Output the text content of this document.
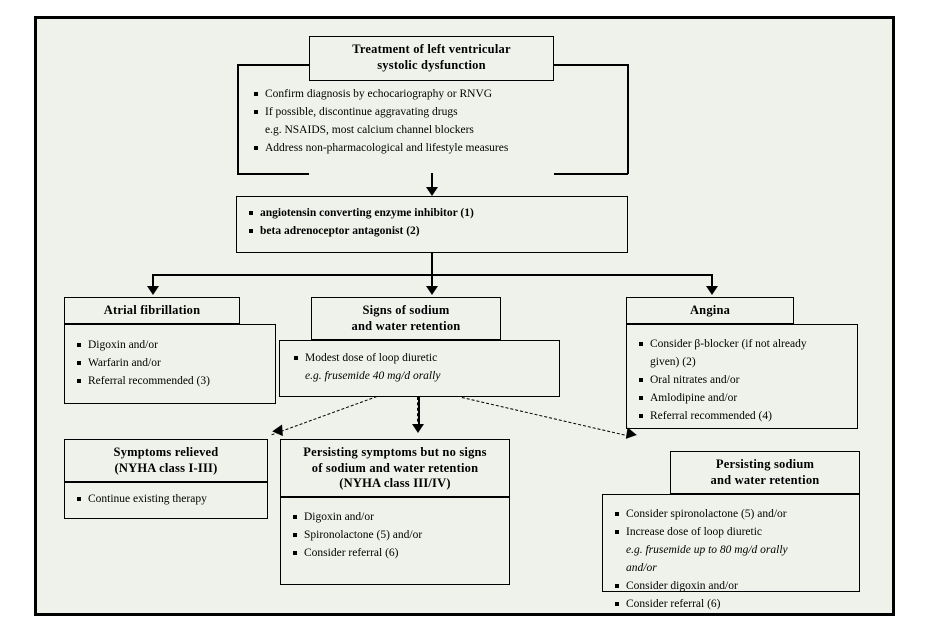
Treatment of left ventricular
systolic dysfunction
Confirm diagnosis by echocariography or RNVG
If possible, discontinue aggravating drugs
e.g. NSAIDS, most calcium channel blockers
Address non-pharmacological and lifestyle measures
angiotensin converting enzyme inhibitor (1)
beta adrenoceptor antagonist (2)
Atrial fibrillation
Digoxin and/or
Warfarin and/or
Referral recommended (3)
Signs of sodium
and water retention
Modest dose of loop diuretic
e.g. frusemide 40 mg/d orally
Angina
Consider β-blocker (if not already
given) (2)
Oral nitrates and/or
Amlodipine and/or
Referral recommended (4)
Symptoms relieved
(NYHA class I-III)
Continue existing therapy
Persisting symptoms but no signs
of sodium and water retention
(NYHA class III/IV)
Digoxin and/or
Spironolactone (5) and/or
Consider referral (6)
Persisting sodium
and water retention
Consider spironolactone (5) and/or
Increase dose of loop diuretic
e.g. frusemide up to 80 mg/d orally
and/or
Consider digoxin and/or
Consider referral (6)
